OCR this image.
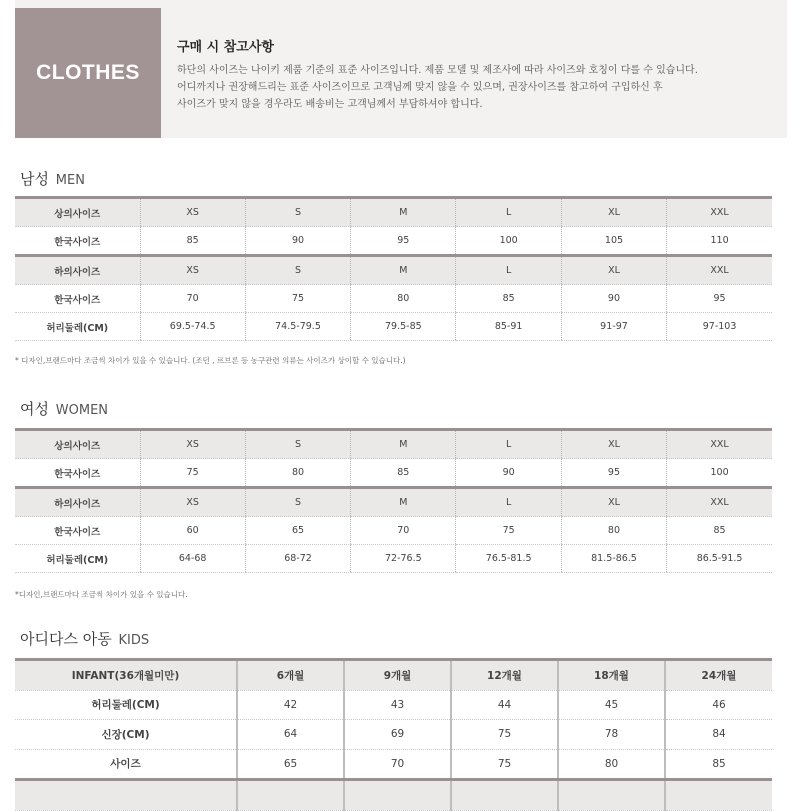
CLOTHES
구매 시 참고사항
하단의 사이즈는 나이키 제품 기준의 표준 사이즈입니다. 제품 모델 및 제조사에 따라 사이즈와 호칭이 다를 수 있습니다.
어디까지나 권장해드리는 표준 사이즈이므로 고객님께 맞지 않을 수 있으며, 권장사이즈를 참고하여 구입하신 후
사이즈가 맞지 않을 경우라도 배송비는 고객님께서 부담하셔야 합니다.
남성 MEN
상의사이즈	XS	S	M	L	XL	XXL
한국사이즈	85	90	95	100	105	110
하의사이즈	XS	S	M	L	XL	XXL
한국사이즈	70	75	80	85	90	95
허리둘레(CM)	69.5-74.5	74.5-79.5	79.5-85	85-91	91-97	97-103
* 디자인,브랜드마다 조금씩 차이가 있을 수 있습니다. (조던 , 르브론 등 농구관련 의류는 사이즈가 상이할 수 있습니다.)
여성 WOMEN
상의사이즈	XS	S	M	L	XL	XXL
한국사이즈	75	80	85	90	95	100
하의사이즈	XS	S	M	L	XL	XXL
한국사이즈	60	65	70	75	80	85
허리둘레(CM)	64-68	68-72	72-76.5	76.5-81.5	81.5-86.5	86.5-91.5
*디자인,브랜드마다 조금씩 차이가 있을 수 있습니다.
아디다스 아동 KIDS
INFANT(36개월미만)	6개월	9개월	12개월	18개월	24개월
허리둘레(CM)	42	43	44	45	46
신장(CM)	64	69	75	78	84
사이즈	65	70	75	80	85
